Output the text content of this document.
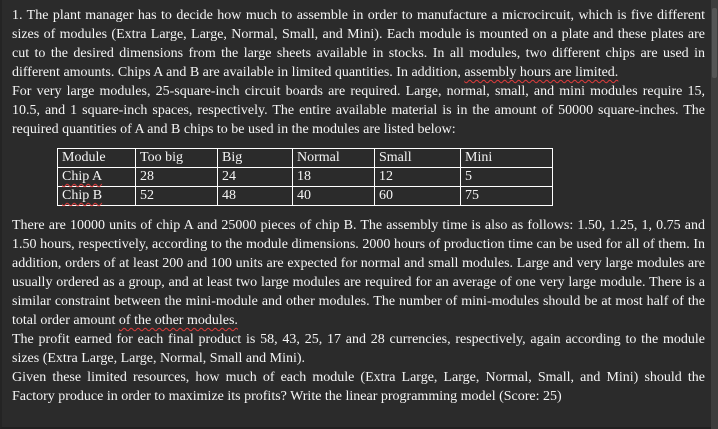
1. The plant manager has to decide how much to assemble in order to manufacture a microcircuit, which is five different sizes of modules (Extra Large, Large, Normal, Small, and Mini). Each module is mounted on a plate and these plates are cut to the desired dimensions from the large sheets available in stocks. In all modules, two different chips are used in different amounts. Chips A and B are available in limited quantities. In addition, assembly hours are limited.

For very large modules, 25-square-inch circuit boards are required. Large, normal, small, and mini modules require 15, 10.5, and 1 square-inch spaces, respectively. The entire available material is in the amount of 50000 square-inches. The required quantities of A and B chips to be used in the modules are listed below:

Module	Too big	Big	Normal	Small	Mini
Chip A	28	24	18	12	5
Chip B	52	48	40	60	75

There are 10000 units of chip A and 25000 pieces of chip B. The assembly time is also as follows: 1.50, 1.25, 1, 0.75 and 1.50 hours, respectively, according to the module dimensions. 2000 hours of production time can be used for all of them. In addition, orders of at least 200 and 100 units are expected for normal and small modules. Large and very large modules are usually ordered as a group, and at least two large modules are required for an average of one very large module. There is a similar constraint between the mini-module and other modules. The number of mini-modules should be at most half of the total order amount of the other modules.

The profit earned for each final product is 58, 43, 25, 17 and 28 currencies, respectively, again according to the module sizes (Extra Large, Large, Normal, Small and Mini).

Given these limited resources, how much of each module (Extra Large, Large, Normal, Small, and Mini) should the Factory produce in order to maximize its profits? Write the linear programming model (Score: 25)
